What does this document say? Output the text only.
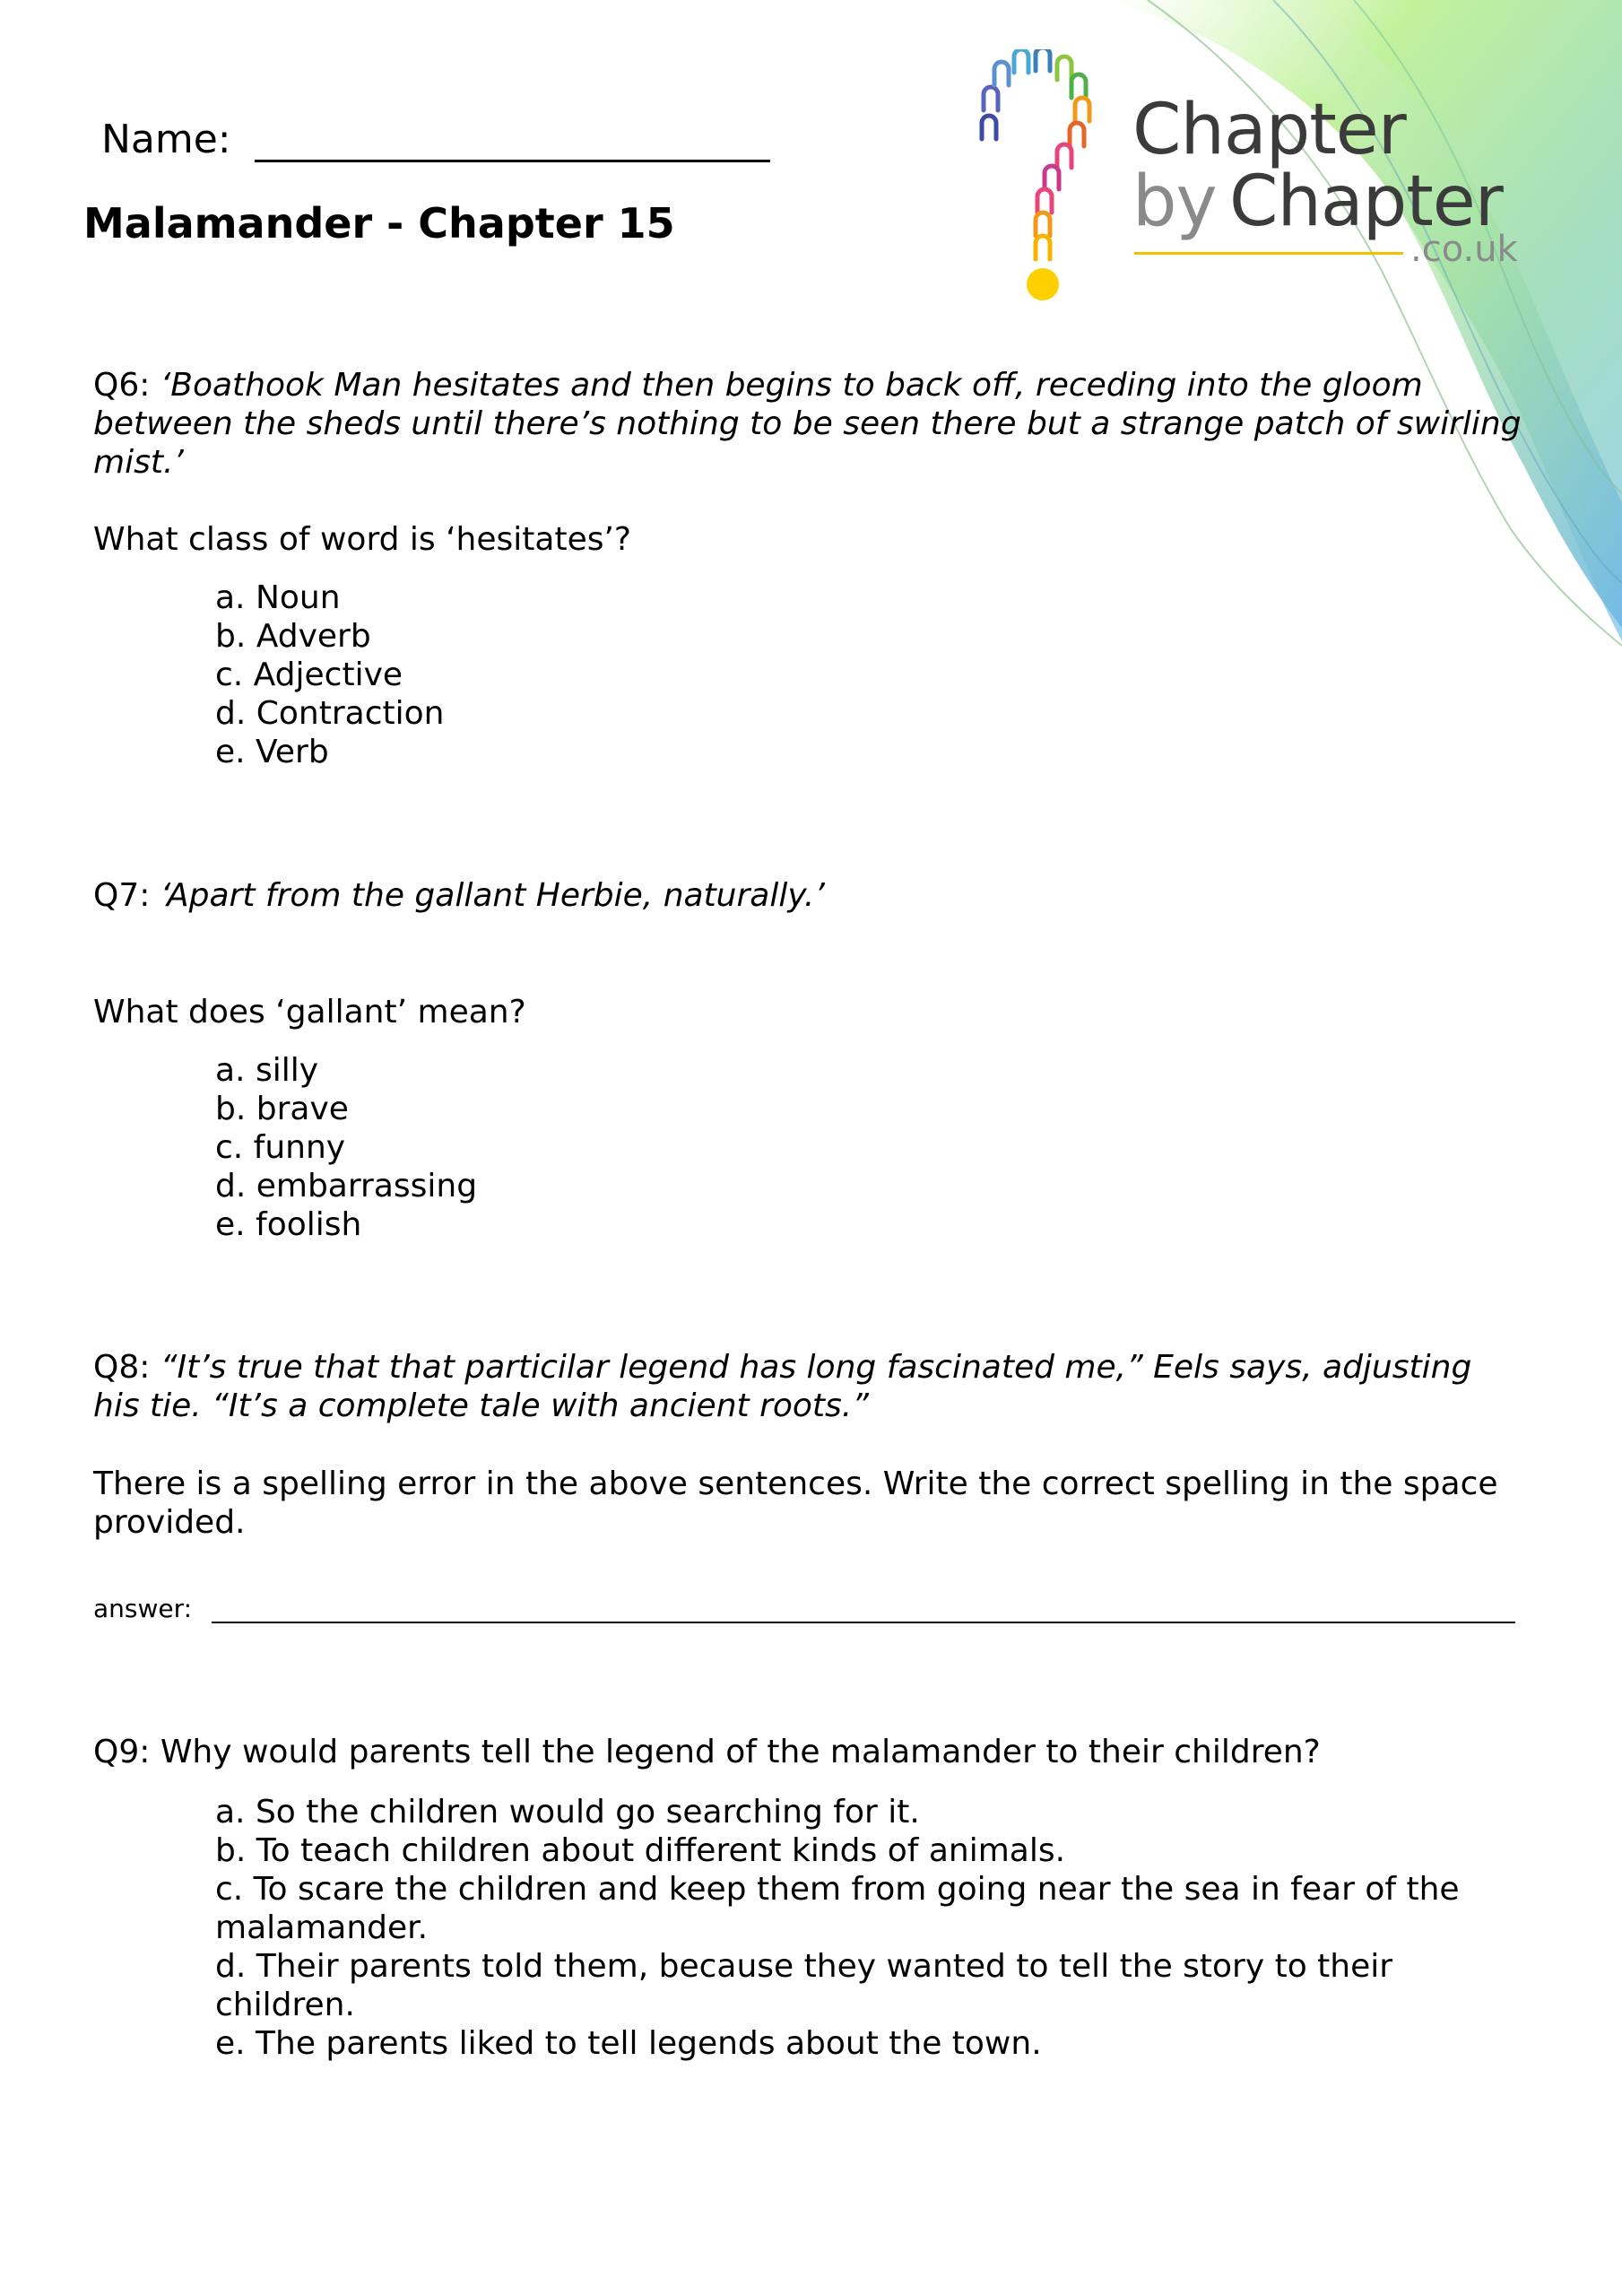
Name:
Malamander - Chapter 15
Chapter
by Chapter
.co.uk
Q6: ‘Boathook Man hesitates and then begins to back off, receding into the gloom between the sheds until there’s nothing to be seen there but a strange patch of swirling mist.’
What class of word is ‘hesitates’?
a. Noun
b. Adverb
c. Adjective
d. Contraction
e. Verb
Q7: ‘Apart from the gallant Herbie, naturally.’
What does ‘gallant’ mean?
a. silly
b. brave
c. funny
d. embarrassing
e. foolish
Q8: “It’s true that that particilar legend has long fascinated me,” Eels says, adjusting his tie. “It’s a complete tale with ancient roots.”
There is a spelling error in the above sentences. Write the correct spelling in the space provided.
answer:
Q9: Why would parents tell the legend of the malamander to their children?
a. So the children would go searching for it.
b. To teach children about different kinds of animals.
c. To scare the children and keep them from going near the sea in fear of the malamander.
d. Their parents told them, because they wanted to tell the story to their children.
e. The parents liked to tell legends about the town.
